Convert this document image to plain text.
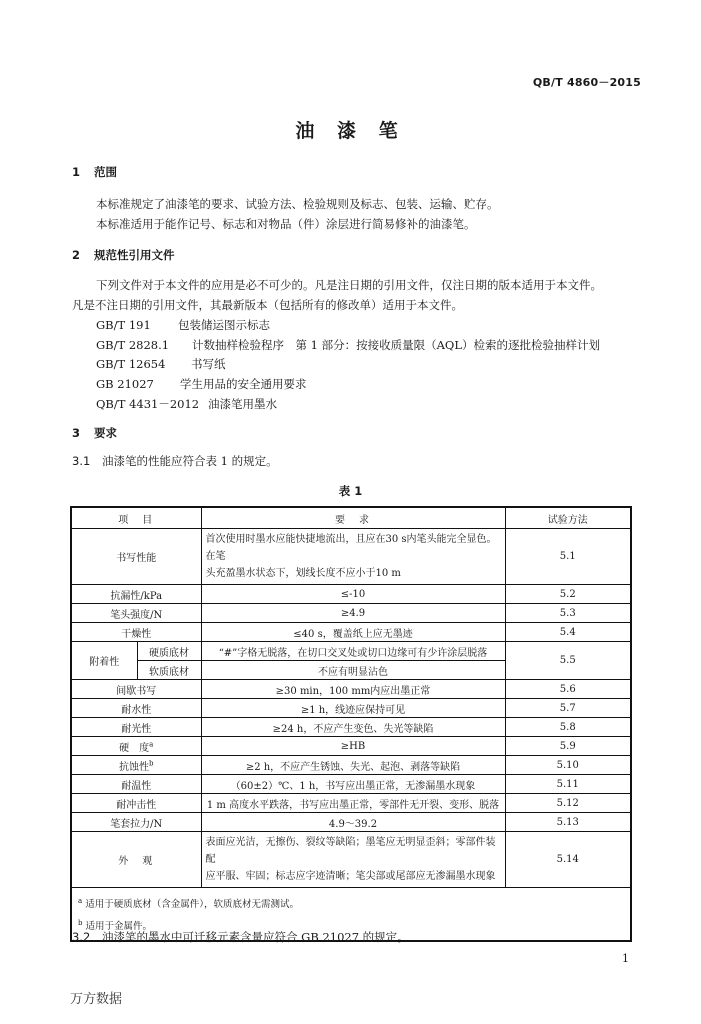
QB/T 4860－2015
油 漆 笔
1 范围
本标准规定了油漆笔的要求、试验方法、检验规则及标志、包装、运输、贮存。
本标准适用于能作记号、标志和对物品（件）涂层进行简易修补的油漆笔。
2 规范性引用文件
下列文件对于本文件的应用是必不可少的。凡是注日期的引用文件，仅注日期的版本适用于本文件。
凡是不注日期的引用文件，其最新版本（包括所有的修改单）适用于本文件。
GB/T 191 包装储运图示标志
GB/T 2828.1 计数抽样检验程序　第 1 部分：按接收质量限（AQL）检索的逐批检验抽样计划
GB/T 12654 书写纸
GB 21027 学生用品的安全通用要求
QB/T 4431－2012 油漆笔用墨水
3 要求
3.1 油漆笔的性能应符合表 1 的规定。
表 1
项　目		要　求	试验方法
书写性能		首次使用时墨水应能快捷地流出，且应在30 s内笔头能完全显色。在笔
头充盈墨水状态下，划线长度不应小于10 m	5.1
抗漏性/kPa		≤-10	5.2
笔头强度/N		≥4.9	5.3
干燥性		≤40 s，覆盖纸上应无墨迹	5.4
附着性	硬质底材	“#”字格无脱落，在切口交叉处或切口边缘可有少许涂层脱落	5.5
	软质底材	不应有明显沾色	
间歇书写		≥30 min，100 mm内应出墨正常	5.6
耐水性		≥1 h，线迹应保持可见	5.7
耐光性		≥24 h，不应产生变色、失光等缺陷	5.8
硬　度$^a$		≥HB	5.9
抗蚀性$^b$		≥2 h，不应产生锈蚀、失光、起泡、剥落等缺陷	5.10
耐温性		（60±2）℃、1 h，书写应出墨正常，无渗漏墨水现象	5.11
耐冲击性		1 m 高度水平跌落，书写应出墨正常，零部件无开裂、变形、脱落	5.12
笔套拉力/N		4.9～39.2	5.13
外　观		表面应光洁，无擦伤、裂纹等缺陷；墨笔应无明显歪斜；零部件装配
应平服、牢固；标志应字迹清晰；笔尖部或尾部应无渗漏墨水现象	5.14

$^a$ 适用于硬质底材（含金属件），软质底材无需测试。
$^b$ 适用于金属件。			
3.2 油漆笔的墨水中可迁移元素含量应符合 GB 21027 的规定。
1
万方数据
